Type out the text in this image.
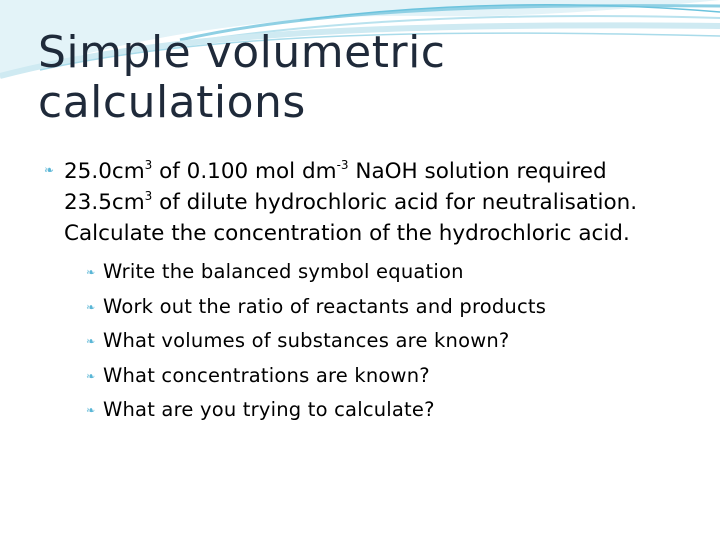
Simple volumetric
calculations
❧ $25.0cm^3$ of 0.100 mol $dm^{-3}$ NaOH solution required $23.5cm^3$ of dilute hydrochloric acid for neutralisation. Calculate the concentration of the hydrochloric acid.
❧ Write the balanced symbol equation
❧ Work out the ratio of reactants and products
❧ What volumes of substances are known?
❧ What concentrations are known?
❧ What are you trying to calculate?
